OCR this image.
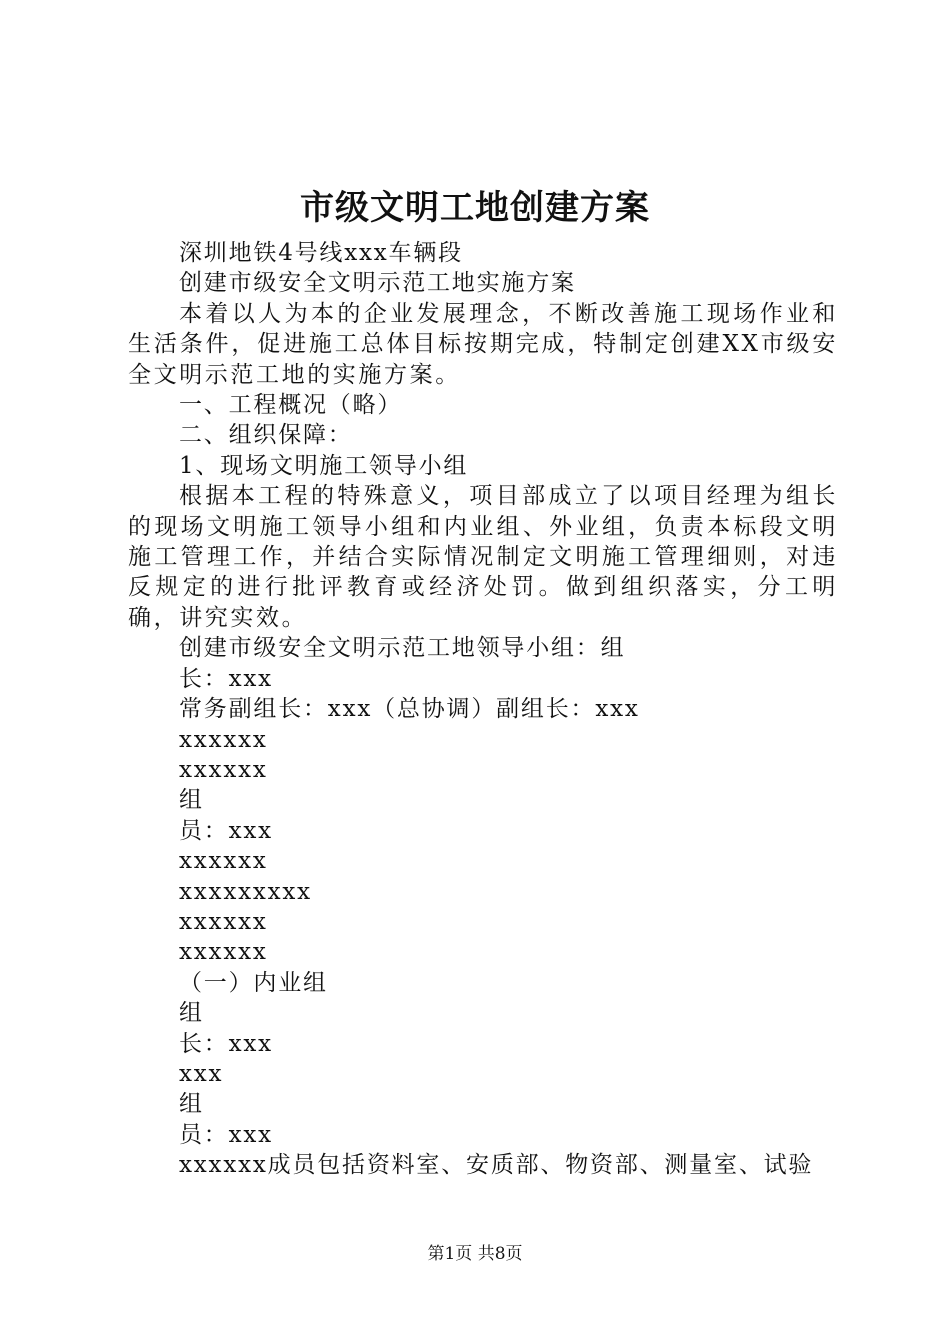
市级文明工地创建方案

深圳地铁4号线xxx车辆段

创建市级安全文明示范工地实施方案

本着以人为本的企业发展理念，不断改善施工现场作业和生活条件，促进施工总体目标按期完成，特制定创建XX市级安全文明示范工地的实施方案。

一、工程概况（略）

二、组织保障：

1、现场文明施工领导小组

根据本工程的特殊意义，项目部成立了以项目经理为组长的现场文明施工领导小组和内业组、外业组，负责本标段文明施工管理工作，并结合实际情况制定文明施工管理细则，对违反规定的进行批评教育或经济处罚。做到组织落实，分工明确，讲究实效。

创建市级安全文明示范工地领导小组：组

长：xxx

常务副组长：xxx（总协调）副组长：xxx

xxxxxx

xxxxxx

组

员：xxx

xxxxxx

xxxxxxxxx

xxxxxx

xxxxxx

（一）内业组

组

长：xxx

xxx

组

员：xxx

xxxxxx成员包括资料室、安质部、物资部、测量室、试验

第1页 共8页
